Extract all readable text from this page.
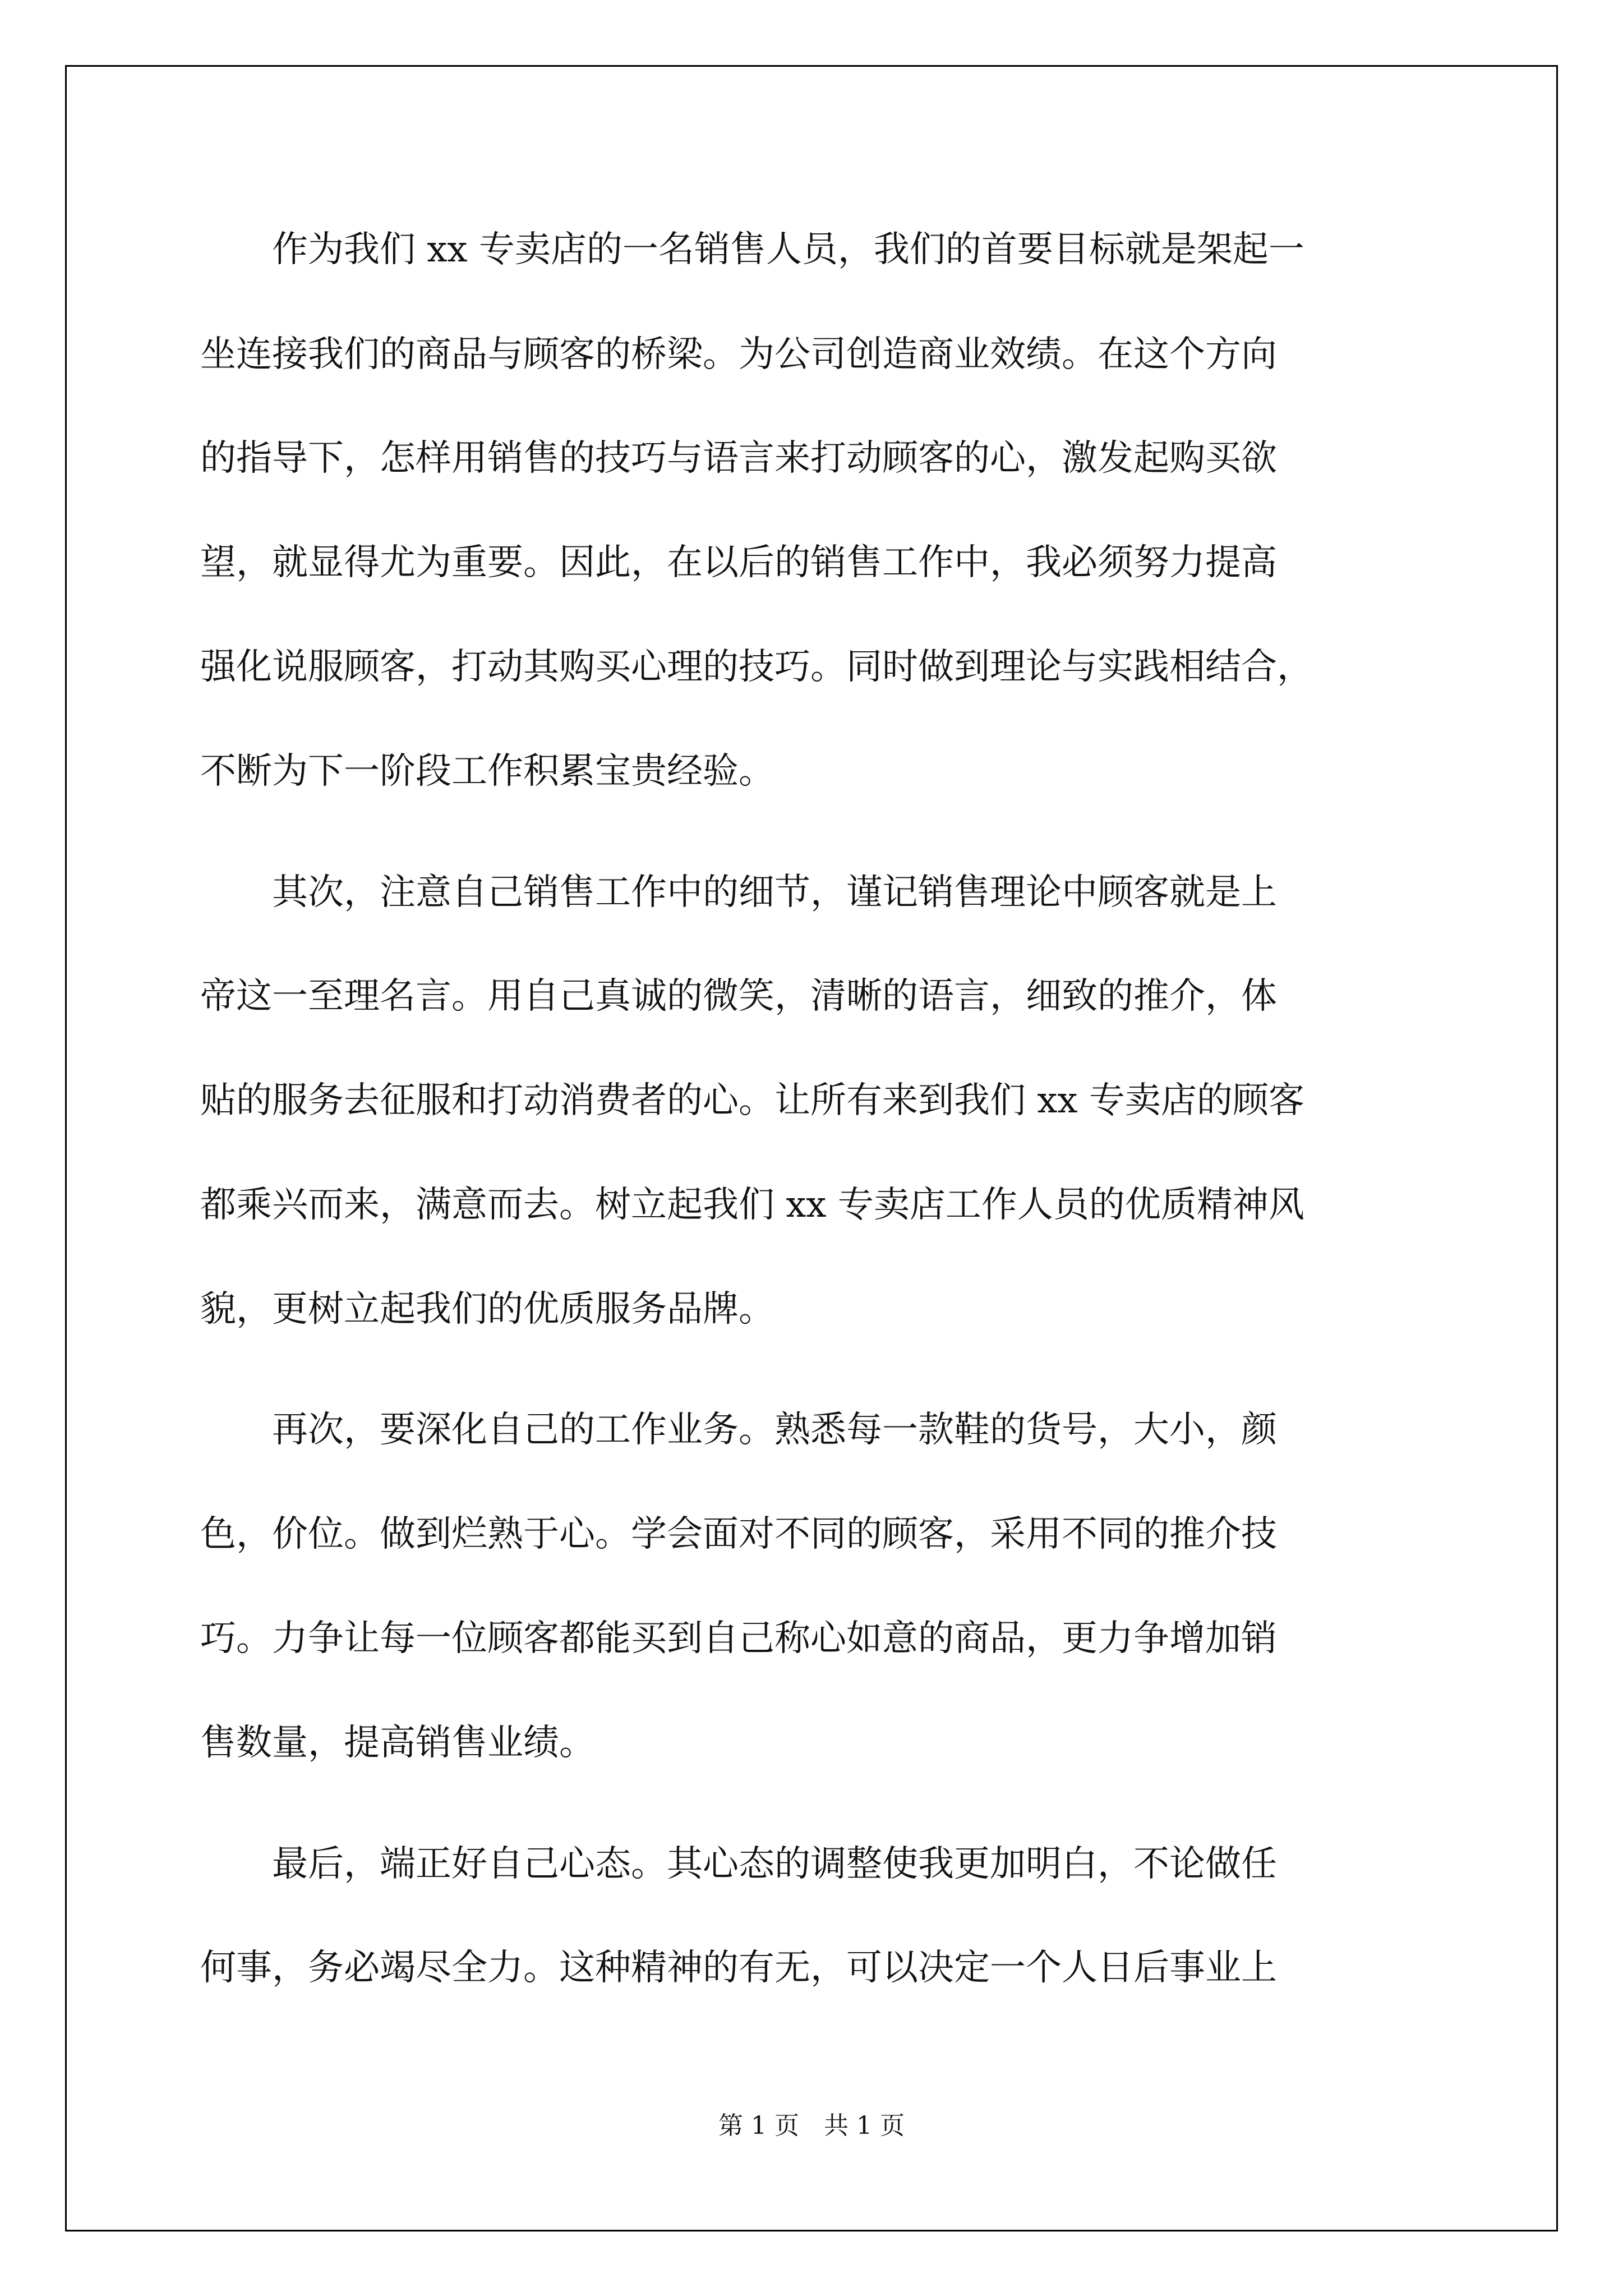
　　作为我们 xx 专卖店的一名销售人员，我们的首要目标就是架起一
坐连接我们的商品与顾客的桥梁。为公司创造商业效绩。在这个方向
的指导下，怎样用销售的技巧与语言来打动顾客的心，激发起购买欲
望，就显得尤为重要。因此，在以后的销售工作中，我必须努力提高
强化说服顾客，打动其购买心理的技巧。同时做到理论与实践相结合，
不断为下一阶段工作积累宝贵经验。
　　其次，注意自己销售工作中的细节，谨记销售理论中顾客就是上
帝这一至理名言。用自己真诚的微笑，清晰的语言，细致的推介，体
贴的服务去征服和打动消费者的心。让所有来到我们 xx 专卖店的顾客
都乘兴而来，满意而去。树立起我们 xx 专卖店工作人员的优质精神风
貌，更树立起我们的优质服务品牌。
　　再次，要深化自己的工作业务。熟悉每一款鞋的货号，大小，颜
色，价位。做到烂熟于心。学会面对不同的顾客，采用不同的推介技
巧。力争让每一位顾客都能买到自己称心如意的商品，更力争增加销
售数量，提高销售业绩。
　　最后，端正好自己心态。其心态的调整使我更加明白，不论做任
何事，务必竭尽全力。这种精神的有无，可以决定一个人日后事业上
第 1 页　共 1 页
